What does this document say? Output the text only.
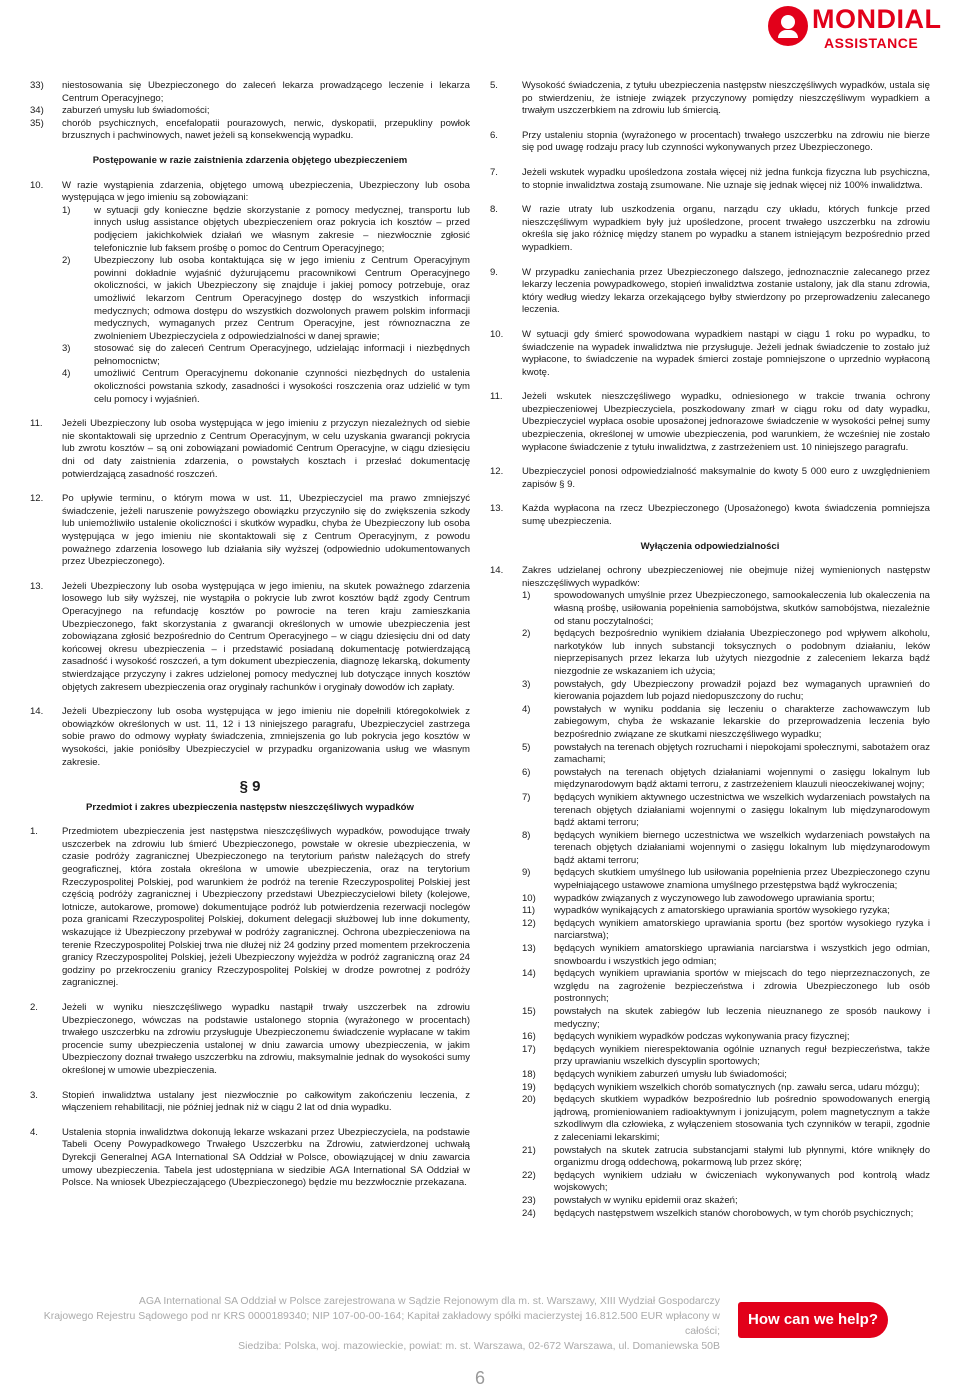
MONDIAL
ASSISTANCE
33) niestosowania się Ubezpieczonego do zaleceń lekarza prowadzącego leczenie i lekarza Centrum Operacyjnego;
34) zaburzeń umysłu lub świadomości;
35) chorób psychicznych, encefalopatii pourazowych, nerwic, dyskopatii, przepukliny powłok brzusznych i pachwinowych, nawet jeżeli są konsekwencją wypadku.

Postępowanie w razie zaistnienia zdarzenia objętego ubezpieczeniem

10. W razie wystąpienia zdarzenia, objętego umową ubezpieczenia, Ubezpieczony lub osoba występująca w jego imieniu są zobowiązani:
1) w sytuacji gdy konieczne będzie skorzystanie z pomocy medycznej, transportu lub innych usług assistance objętych ubezpieczeniem oraz pokrycia ich kosztów – przed podjęciem jakichkolwiek działań we własnym zakresie – niezwłocznie zgłosić telefonicznie lub faksem prośbę o pomoc do Centrum Operacyjnego;
2) Ubezpieczony lub osoba kontaktująca się w jego imieniu z Centrum Operacyjnym powinni dokładnie wyjaśnić dyżurującemu pracownikowi Centrum Operacyjnego okoliczności, w jakich Ubezpieczony się znajduje i jakiej pomocy potrzebuje, oraz umożliwić lekarzom Centrum Operacyjnego dostęp do wszystkich informacji medycznych; odmowa dostępu do wszystkich dozwolonych prawem polskim informacji medycznych, wymaganych przez Centrum Operacyjne, jest równoznaczna ze zwolnieniem Ubezpieczyciela z odpowiedzialności w danej sprawie;
3) stosować się do zaleceń Centrum Operacyjnego, udzielając informacji i niezbędnych pełnomocnictw;
4) umożliwić Centrum Operacyjnemu dokonanie czynności niezbędnych do ustalenia okoliczności powstania szkody, zasadności i wysokości roszczenia oraz udzielić w tym celu pomocy i wyjaśnień.
11. Jeżeli Ubezpieczony lub osoba występująca w jego imieniu z przyczyn niezależnych od siebie nie skontaktowali się uprzednio z Centrum Operacyjnym, w celu uzyskania gwarancji pokrycia lub zwrotu kosztów – są oni zobowiązani powiadomić Centrum Operacyjne, w ciągu dziesięciu dni od daty zaistnienia zdarzenia, o powstałych kosztach i przesłać dokumentację potwierdzającą zasadność roszczeń.
12. Po upływie terminu, o którym mowa w ust. 11, Ubezpieczyciel ma prawo zmniejszyć świadczenie, jeżeli naruszenie powyższego obowiązku przyczyniło się do zwiększenia szkody lub uniemożliwiło ustalenie okoliczności i skutków wypadku, chyba że Ubezpieczony lub osoba występująca w jego imieniu nie skontaktowali się z Centrum Operacyjnym, z powodu poważnego zdarzenia losowego lub działania siły wyższej (odpowiednio udokumentowanych przez Ubezpieczonego).
13. Jeżeli Ubezpieczony lub osoba występująca w jego imieniu, na skutek poważnego zdarzenia losowego lub siły wyższej, nie wystąpiła o pokrycie lub zwrot kosztów bądź zgody Centrum Operacyjnego na refundację kosztów po powrocie na teren kraju zamieszkania Ubezpieczonego, fakt skorzystania z gwarancji określonych w umowie ubezpieczenia jest zobowiązana zgłosić bezpośrednio do Centrum Operacyjnego – w ciągu dziesięciu dni od daty końcowej okresu ubezpieczenia – i przedstawić posiadaną dokumentację potwierdzającą zasadność i wysokość roszczeń, a tym dokument ubezpieczenia, diagnozę lekarską, dokumenty stwierdzające przyczyny i zakres udzielonej pomocy medycznej lub dotyczące innych kosztów objętych zakresem ubezpieczenia oraz oryginały rachunków i oryginały dowodów ich zapłaty.
14. Jeżeli Ubezpieczony lub osoba występująca w jego imieniu nie dopełnili któregokolwiek z obowiązków określonych w ust. 11, 12 i 13 niniejszego paragrafu, Ubezpieczyciel zastrzega sobie prawo do odmowy wypłaty świadczenia, zmniejszenia go lub pokrycia jego kosztów w wysokości, jakie poniósłby Ubezpieczyciel w przypadku organizowania usług we własnym zakresie.
§ 9

Przedmiot i zakres ubezpieczenia następstw nieszczęśliwych wypadków

1.	Przedmiotem ubezpieczenia jest następstwa nieszczęśliwych wypadków, powodujące trwały uszczerbek na zdrowiu lub śmierć Ubezpieczonego, powstałe w okresie ubezpieczenia, w czasie podróży zagranicznej Ubezpieczonego na terytorium państw należących do strefy geograficznej, która została określona w umowie ubezpieczenia, oraz na terytorium Rzeczypospolitej Polskiej, pod warunkiem że podróż na terenie Rzeczypospolitej Polskiej jest częścią podróży zagranicznej i Ubezpieczony przedstawi Ubezpieczycielowi bilety (kolejowe, lotnicze, autokarowe, promowe) dokumentujące podróż lub potwierdzenia rezerwacji noclegów poza granicami Rzeczypospolitej Polskiej, dokument delegacji służbowej lub inne dokumenty, wskazujące iż Ubezpieczony przebywał w podróży zagranicznej. Ochrona ubezpieczeniowa na terenie Rzeczypospolitej Polskiej trwa nie dłużej niż 24 godziny przed momentem przekroczenia granicy Rzeczypospolitej Polskiej, jeżeli Ubezpieczony wyjeżdża w podróż zagraniczną oraz 24 godziny po przekroczeniu granicy Rzeczypospolitej Polskiej w drodze powrotnej z podróży zagranicznej.
2.	Jeżeli w wyniku nieszczęśliwego wypadku nastąpił trwały uszczerbek na zdrowiu Ubezpieczonego, wówczas na podstawie ustalonego stopnia (wyrażonego w procentach) trwałego uszczerbku na zdrowiu przysługuje Ubezpieczonemu świadczenie wypłacane w takim procencie sumy ubezpieczenia ustalonej w dniu zawarcia umowy ubezpieczenia, w jakim Ubezpieczony doznał trwałego uszczerbku na zdrowiu, maksymalnie jednak do wysokości sumy określonej w umowie ubezpieczenia.
3.	Stopień inwalidztwa ustalany jest niezwłocznie po całkowitym zakończeniu leczenia, z włączeniem rehabilitacji, nie później jednak niż w ciągu 2 lat od dnia wypadku.
4.	Ustalenia stopnia inwalidztwa dokonują lekarze wskazani przez Ubezpieczyciela, na podstawie Tabeli Oceny Powypadkowego Trwałego Uszczerbku na Zdrowiu, zatwierdzonej uchwałą Dyrekcji Generalnej AGA International SA Oddział w Polsce, obowiązującej w dniu zawarcia umowy ubezpieczenia. Tabela jest udostępniana w siedzibie AGA International SA Oddział w Polsce. Na wniosek Ubezpieczającego (Ubezpieczonego) będzie mu bezzwłocznie przekazana.
5.	Wysokość świadczenia, z tytułu ubezpieczenia następstw nieszczęśliwych wypadków, ustala się po stwierdzeniu, że istnieje związek przyczynowy pomiędzy nieszczęśliwym wypadkiem a trwałym uszczerbkiem na zdrowiu lub śmiercią.
6.	Przy ustaleniu stopnia (wyrażonego w procentach) trwałego uszczerbku na zdrowiu nie bierze się pod uwagę rodzaju pracy lub czynności wykonywanych przez Ubezpieczonego.
7.	Jeżeli wskutek wypadku upośledzona została więcej niż jedna funkcja fizyczna lub psychiczna, to stopnie inwalidztwa zostają zsumowane. Nie uznaje się jednak więcej niż 100% inwalidztwa.
8.	W razie utraty lub uszkodzenia organu, narządu czy układu, których funkcje przed nieszczęśliwym wypadkiem były już upośledzone, procent trwałego uszczerbku na zdrowiu określa się jako różnicę między stanem po wypadku a stanem istniejącym bezpośrednio przed wypadkiem.
9.	W przypadku zaniechania przez Ubezpieczonego dalszego, jednoznacznie zalecanego przez lekarzy leczenia powypadkowego, stopień inwalidztwa zostanie ustalony, jak dla stanu zdrowia, który według wiedzy lekarza orzekającego byłby stwierdzony po przeprowadzeniu zalecanego leczenia.
10. W sytuacji gdy śmierć spowodowana wypadkiem nastąpi w ciągu 1 roku po wypadku, to świadczenie na wypadek inwalidztwa nie przysługuje. Jeżeli jednak świadczenie to zostało już wypłacone, to świadczenie na wypadek śmierci zostaje pomniejszone o uprzednio wypłaconą kwotę.
11. Jeżeli wskutek nieszczęśliwego wypadku, odniesionego w trakcie trwania ochrony ubezpieczeniowej Ubezpieczyciela, poszkodowany zmarł w ciągu roku od daty wypadku, Ubezpieczyciel wypłaca osobie uposażonej jednorazowe świadczenie w wysokości pełnej sumy ubezpieczenia, określonej w umowie ubezpieczenia, pod warunkiem, że wcześniej nie zostało wypłacone świadczenie z tytułu inwalidztwa, z zastrzeżeniem ust. 10 niniejszego paragrafu.
12. Ubezpieczyciel ponosi odpowiedzialność maksymalnie do kwoty 5 000 euro z uwzględnieniem zapisów § 9.
13. Każda wypłacona na rzecz Ubezpieczonego (Uposażonego) kwota świadczenia pomniejsza sumę ubezpieczenia.

Wyłączenia odpowiedzialności

14. Zakres udzielanej ochrony ubezpieczeniowej nie obejmuje niżej wymienionych następstw nieszczęśliwych wypadków:
1) spowodowanych umyślnie przez Ubezpieczonego, samookaleczenia lub okaleczenia na własną prośbę, usiłowania popełnienia samobójstwa, skutków samobójstwa, niezależnie od stanu poczytalności;
2) będących bezpośrednio wynikiem działania Ubezpieczonego pod wpływem alkoholu, narkotyków lub innych substancji toksycznych o podobnym działaniu, leków nieprzepisanych przez lekarza lub użytych niezgodnie z zaleceniem lekarza bądź niezgodnie ze wskazaniem ich użycia;
3) powstałych, gdy Ubezpieczony prowadził pojazd bez wymaganych uprawnień do kierowania pojazdem lub pojazd niedopuszczony do ruchu;
4) powstałych w wyniku poddania się leczeniu o charakterze zachowawczym lub zabiegowym, chyba że wskazanie lekarskie do przeprowadzenia leczenia było bezpośrednio związane ze skutkami nieszczęśliwego wypadku;
5) powstałych na terenach objętych rozruchami i niepokojami społecznymi, sabotażem oraz zamachami;
6) powstałych na terenach objętych działaniami wojennymi o zasięgu lokalnym lub międzynarodowym bądź aktami terroru, z zastrzeżeniem klauzuli nieoczekiwanej wojny;
7) będących wynikiem aktywnego uczestnictwa we wszelkich wydarzeniach powstałych na terenach objętych działaniami wojennymi o zasięgu lokalnym lub międzynarodowym bądź aktami terroru;
8) będących wynikiem biernego uczestnictwa we wszelkich wydarzeniach powstałych na terenach objętych działaniami wojennymi o zasięgu lokalnym lub międzynarodowym bądź aktami terroru;
9) będących skutkiem umyślnego lub usiłowania popełnienia przez Ubezpieczonego czynu wypełniającego ustawowe znamiona umyślnego przestępstwa bądź wykroczenia;
10) wypadków związanych z wyczynowego lub zawodowego uprawiania sportu;
11) wypadków wynikających z amatorskiego uprawiania sportów wysokiego ryzyka;
12) będących wynikiem amatorskiego uprawiania sportu (bez sportów wysokiego ryzyka i narciarstwa);
13) będących wynikiem amatorskiego uprawiania narciarstwa i wszystkich jego odmian, snowboardu i wszystkich jego odmian;
14) będących wynikiem uprawiania sportów w miejscach do tego nieprzeznaczonych, ze względu na zagrożenie bezpieczeństwa i zdrowia Ubezpieczonego lub osób postronnych;
15) powstałych na skutek zabiegów lub leczenia nieuznanego ze sposób naukowy i medyczny;
16) będących wynikiem wypadków podczas wykonywania pracy fizycznej;
17) będących wynikiem nierespektowania ogólnie uznanych reguł bezpieczeństwa, także przy uprawianiu wszelkich dyscyplin sportowych;
18) będących wynikiem zaburzeń umysłu lub świadomości;
19) będących wynikiem wszelkich chorób somatycznych (np. zawału serca, udaru mózgu);
20) będących skutkiem wypadków bezpośrednio lub pośrednio spowodowanych energią jądrową, promieniowaniem radioaktywnym i jonizującym, polem magnetycznym a także szkodliwym dla człowieka, z wyłączeniem stosowania tych czynników w terapii, zgodnie z zaleceniami lekarskimi;
21) powstałych na skutek zatrucia substancjami stałymi lub płynnymi, które wniknęły do organizmu drogą oddechową, pokarmową lub przez skórę;
22) będących wynikiem udziału w ćwiczeniach wykonywanych pod kontrolą władz wojskowych;
23) powstałych w wyniku epidemii oraz skażeń;
24) będących następstwem wszelkich stanów chorobowych, w tym chorób psychicznych;
AGA International SA Oddział w Polsce zarejestrowana w Sądzie Rejonowym dla m. st. Warszawy, XIII Wydział Gospodarczy
Krajowego Rejestru Sądowego pod nr KRS 0000189340; NIP 107-00-00-164; Kapitał zakładowy spółki macierzystej 16.812.500 EUR wpłacony w całości;
Siedziba: Polska, woj. mazowieckie, powiat: m. st. Warszawa, 02-672 Warszawa, ul. Domaniewska 50B
How can we help?
6
